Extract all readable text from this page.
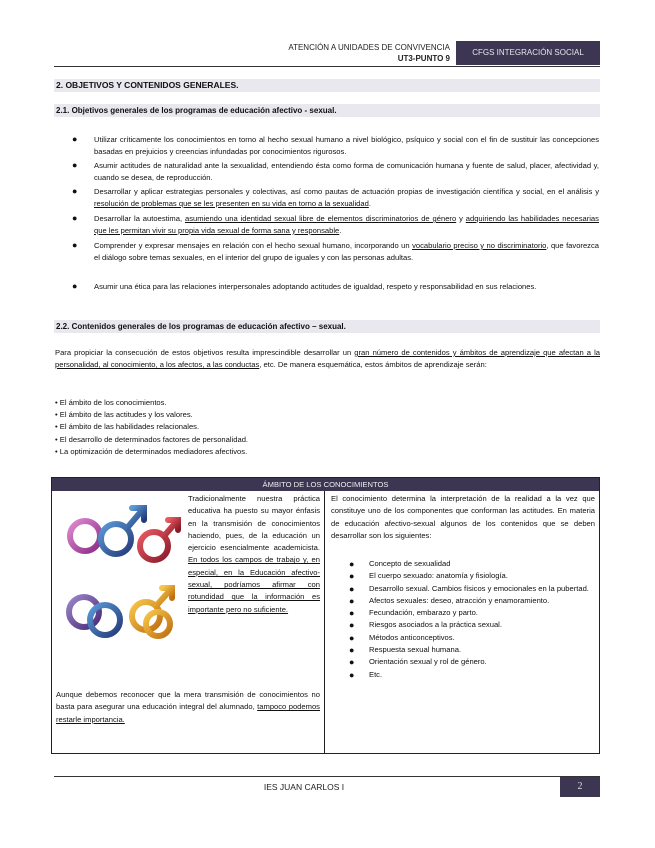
ATENCIÓN A UNIDADES DE CONVIVENCIA
UT3-PUNTO 9
CFGS INTEGRACIÓN SOCIAL
2. OBJETIVOS Y CONTENIDOS GENERALES.
2.1. Objetivos generales de los programas de educación afectivo - sexual.
● Utilizar críticamente los conocimientos en torno al hecho sexual humano a nivel biológico, psíquico y social con el fin de sustituir las concepciones basadas en prejuicios y creencias infundadas por conocimientos rigurosos.
● Asumir actitudes de naturalidad ante la sexualidad, entendiendo ésta como forma de comunicación humana y fuente de salud, placer, afectividad y, cuando se desea, de reproducción.
● Desarrollar y aplicar estrategias personales y colectivas, así como pautas de actuación propias de investigación científica y social, en el análisis y resolución de problemas que se les presenten en su vida en torno a la sexualidad.
● Desarrollar la autoestima, asumiendo una identidad sexual libre de elementos discriminatorios de género y adquiriendo las habilidades necesarias que les permitan vivir su propia vida sexual de forma sana y responsable.
● Comprender y expresar mensajes en relación con el hecho sexual humano, incorporando un vocabulario preciso y no discriminatorio, que favorezca el diálogo sobre temas sexuales, en el interior del grupo de iguales y con las personas adultas.
● Asumir una ética para las relaciones interpersonales adoptando actitudes de igualdad, respeto y responsabilidad en sus relaciones.
2.2. Contenidos generales de los programas de educación afectivo – sexual.
Para propiciar la consecución de estos objetivos resulta imprescindible desarrollar un gran número de contenidos y ámbitos de aprendizaje que afectan a la personalidad, al conocimiento, a los afectos, a las conductas, etc. De manera esquemática, estos ámbitos de aprendizaje serán:
• El ámbito de los conocimientos.
• El ámbito de las actitudes y los valores.
• El ámbito de las habilidades relacionales.
• El desarrollo de determinados factores de personalidad.
• La optimización de determinados mediadores afectivos.
ÁMBITO DE LOS CONOCIMIENTOS
Tradicionalmente nuestra práctica educativa ha puesto su mayor énfasis en la transmisión de conocimientos haciendo, pues, de la educación un ejercicio esencialmente academicista. En todos los campos de trabajo y, en especial, en la Educación afectivo-sexual, podríamos afirmar con rotundidad que la información es importante pero no suficiente.
Aunque debemos reconocer que la mera transmisión de conocimientos no basta para asegurar una educación integral del alumnado, tampoco podemos restarle importancia.
El conocimiento determina la interpretación de la realidad a la vez que constituye uno de los componentes que conforman las actitudes. En materia de educación afectivo-sexual algunos de los contenidos que se deben desarrollar son los siguientes:
● Concepto de sexualidad
● El cuerpo sexuado: anatomía y fisiología.
● Desarrollo sexual. Cambios físicos y emocionales en la pubertad.
● Afectos sexuales: deseo, atracción y enamoramiento.
● Fecundación, embarazo y parto.
● Riesgos asociados a la práctica sexual.
● Métodos anticonceptivos.
● Respuesta sexual humana.
● Orientación sexual y rol de género.
● Etc.
IES JUAN CARLOS I	2
